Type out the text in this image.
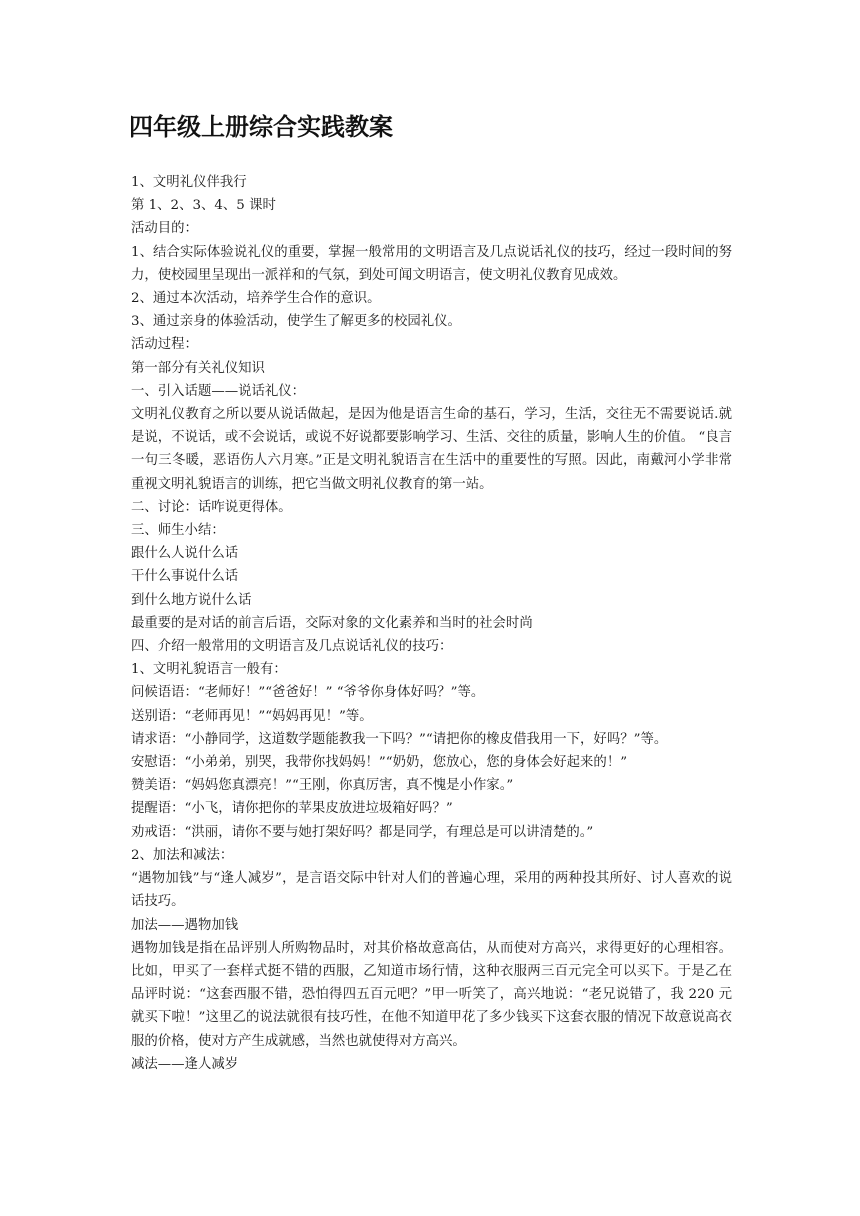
四年级上册综合实践教案

1、文明礼仪伴我行

第 1、2、3、4、5 课时

活动目的：

1、结合实际体验说礼仪的重要，掌握一般常用的文明语言及几点说话礼仪的技巧，经过一段时间的努力，使校园里呈现出一派祥和的气氛，到处可闻文明语言，使文明礼仪教育见成效。

2、通过本次活动，培养学生合作的意识。

3、通过亲身的体验活动，使学生了解更多的校园礼仪。

活动过程：

第一部分有关礼仪知识

一、引入话题——说话礼仪：

文明礼仪教育之所以要从说话做起，是因为他是语言生命的基石，学习，生活，交往无不需要说话.就是说，不说话，或不会说话，或说不好说都要影响学习、生活、交往的质量，影响人生的价值。 “良言一句三冬暖，恶语伤人六月寒。”正是文明礼貌语言在生活中的重要性的写照。因此，南戴河小学非常重视文明礼貌语言的训练，把它当做文明礼仪教育的第一站。

二、讨论：话咋说更得体。

三、师生小结：

跟什么人说什么话

干什么事说什么话

到什么地方说什么话

最重要的是对话的前言后语，交际对象的文化素养和当时的社会时尚

四、介绍一般常用的文明语言及几点说话礼仪的技巧：

1、文明礼貌语言一般有：

问候语语：“老师好！”“爸爸好！” “爷爷你身体好吗？”等。

送别语：“老师再见！”“妈妈再见！”等。

请求语：“小静同学，这道数学题能教我一下吗？”“请把你的橡皮借我用一下，好吗？”等。

安慰语：“小弟弟，别哭，我带你找妈妈！”“奶奶，您放心，您的身体会好起来的！”

赞美语：“妈妈您真漂亮！”“王刚，你真厉害，真不愧是小作家。”

提醒语：“小飞，请你把你的苹果皮放进垃圾箱好吗？”

劝戒语：“洪丽，请你不要与她打架好吗？都是同学，有理总是可以讲清楚的。”

2、加法和减法：

“遇物加钱”与“逢人减岁”，是言语交际中针对人们的普遍心理，采用的两种投其所好、讨人喜欢的说话技巧。

加法——遇物加钱

遇物加钱是指在品评别人所购物品时，对其价格故意高估，从而使对方高兴，求得更好的心理相容。比如，甲买了一套样式挺不错的西服，乙知道市场行情，这种衣服两三百元完全可以买下。于是乙在品评时说：“这套西服不错，恐怕得四五百元吧？”甲一听笑了，高兴地说：“老兄说错了，我 220 元就买下啦！”这里乙的说法就很有技巧性，在他不知道甲花了多少钱买下这套衣服的情况下故意说高衣服的价格，使对方产生成就感，当然也就使得对方高兴。

减法——逢人减岁
